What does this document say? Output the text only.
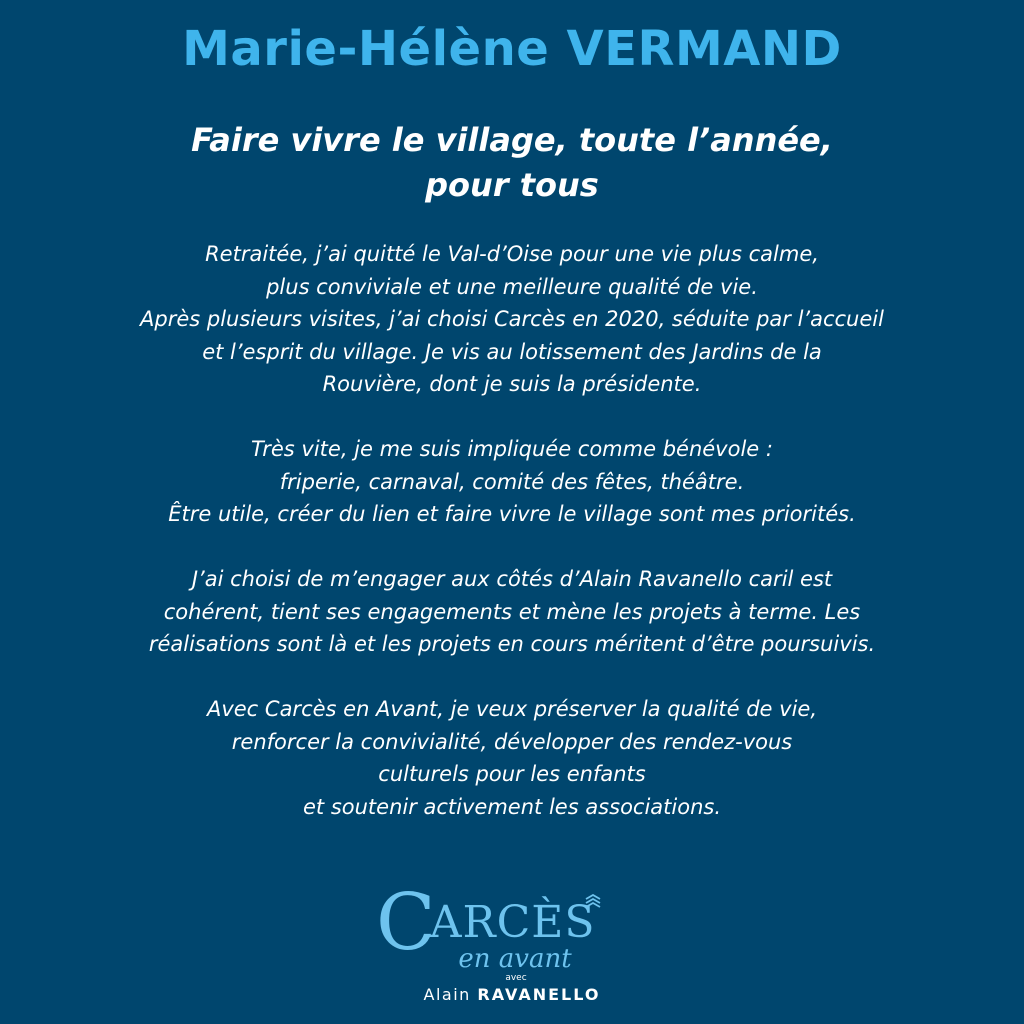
Marie-Hélène VERMAND
Faire vivre le village, toute l’année,
pour tous

Retraitée, j’ai quitté le Val-d’Oise pour une vie plus calme,
plus conviviale et une meilleure qualité de vie.
Après plusieurs visites, j’ai choisi Carcès en 2020, séduite par l’accueil
et l’esprit du village. Je vis au lotissement des Jardins de la
Rouvière, dont je suis la présidente.

Très vite, je me suis impliquée comme bénévole :
friperie, carnaval, comité des fêtes, théâtre.
Être utile, créer du lien et faire vivre le village sont mes priorités.

J’ai choisi de m’engager aux côtés d’Alain Ravanello caril est
cohérent, tient ses engagements et mène les projets à terme. Les
réalisations sont là et les projets en cours méritent d’être poursuivis.

Avec Carcès en Avant, je veux préserver la qualité de vie,
renforcer la convivialité, développer des rendez-vous
culturels pour les enfants
et soutenir activement les associations.

CARCÈS
en avant
avec
Alain RAVANELLO
